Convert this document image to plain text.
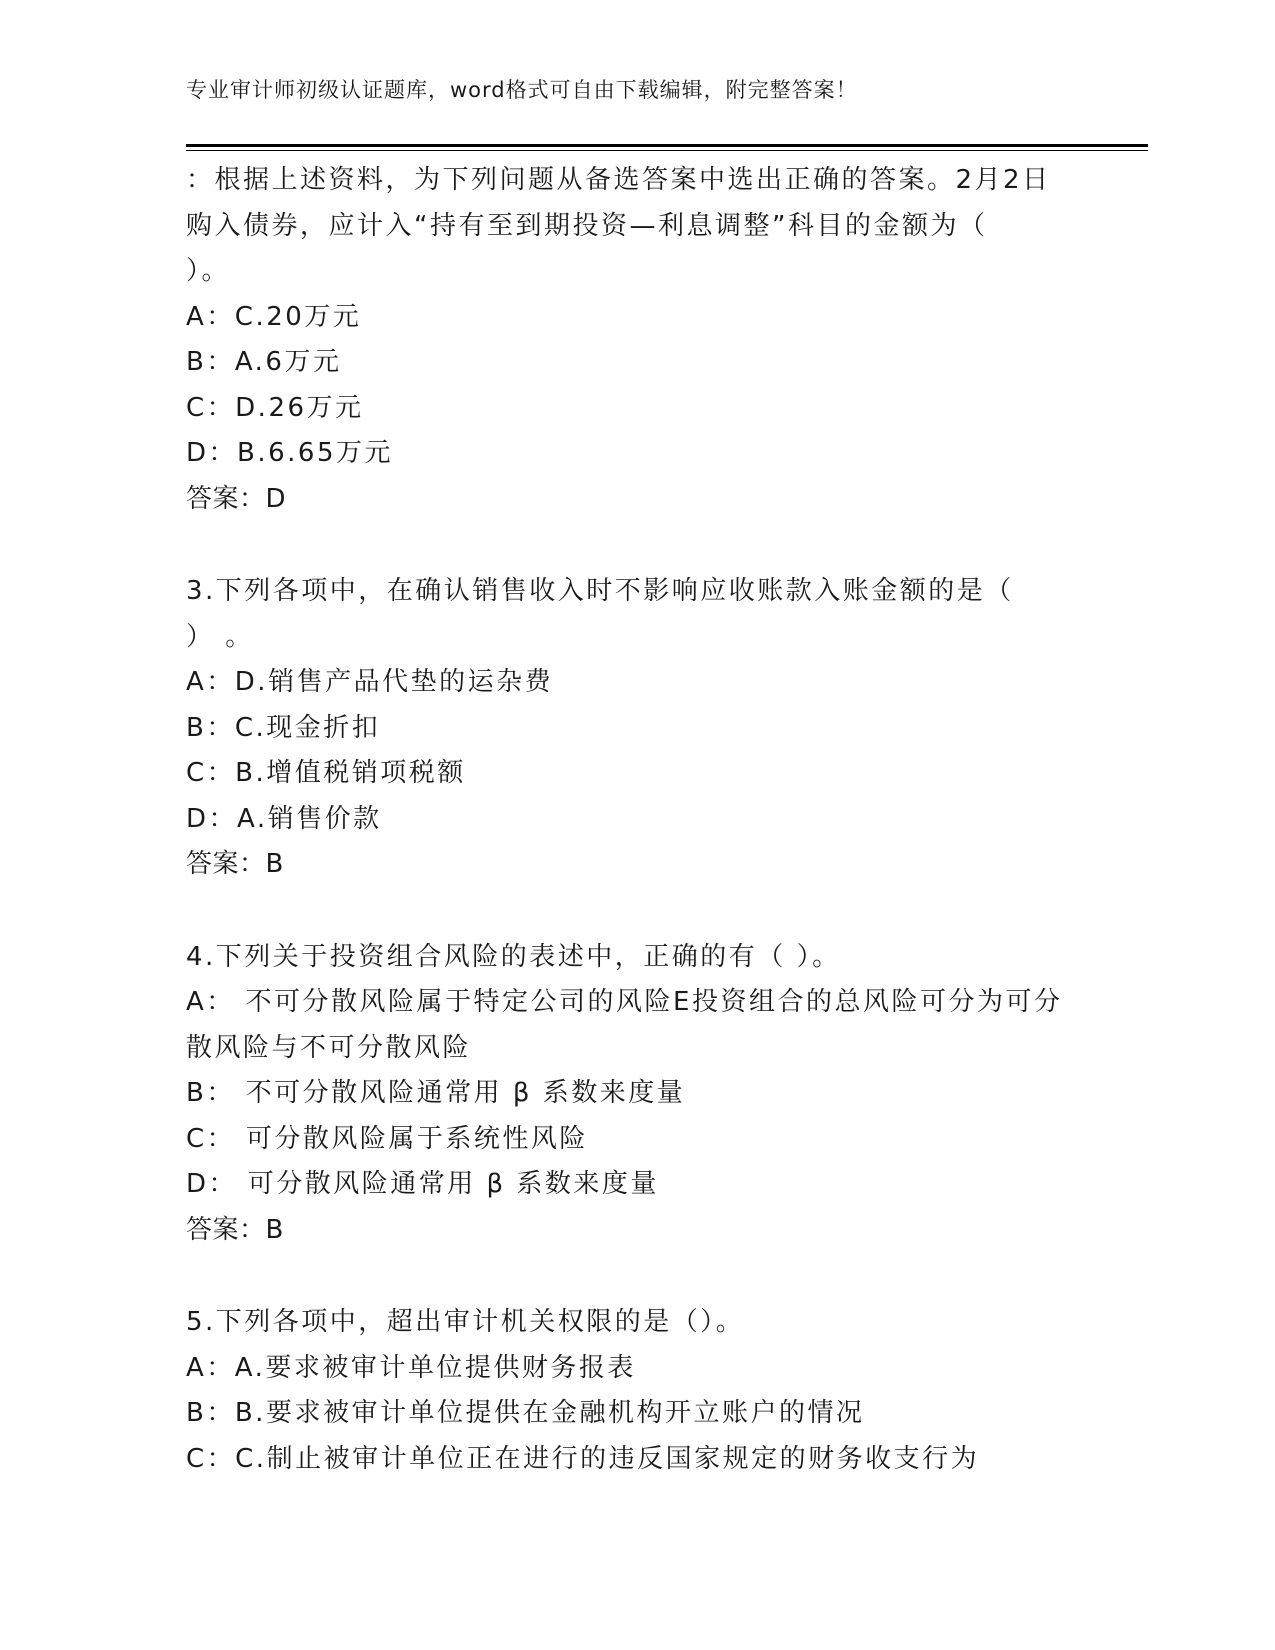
专业审计师初级认证题库，word格式可自由下载编辑，附完整答案！
：根据上述资料，为下列问题从备选答案中选出正确的答案。2月2日
购入债券，应计入“持有至到期投资—利息调整”科目的金额为（
）。
A：C.20万元
B：A.6万元
C：D.26万元
D：B.6.65万元
答案：D
3.下列各项中，在确认销售收入时不影响应收账款入账金额的是（
） 。
A：D.销售产品代垫的运杂费
B：C.现金折扣
C：B.增值税销项税额
D：A.销售价款
答案：B
4.下列关于投资组合风险的表述中，正确的有（ ）。
A： 不可分散风险属于特定公司的风险E投资组合的总风险可分为可分
散风险与不可分散风险
B： 不可分散风险通常用 β 系数来度量
C： 可分散风险属于系统性风险
D： 可分散风险通常用 β 系数来度量
答案：B
5.下列各项中，超出审计机关权限的是（）。
A：A.要求被审计单位提供财务报表
B：B.要求被审计单位提供在金融机构开立账户的情况
C：C.制止被审计单位正在进行的违反国家规定的财务收支行为
